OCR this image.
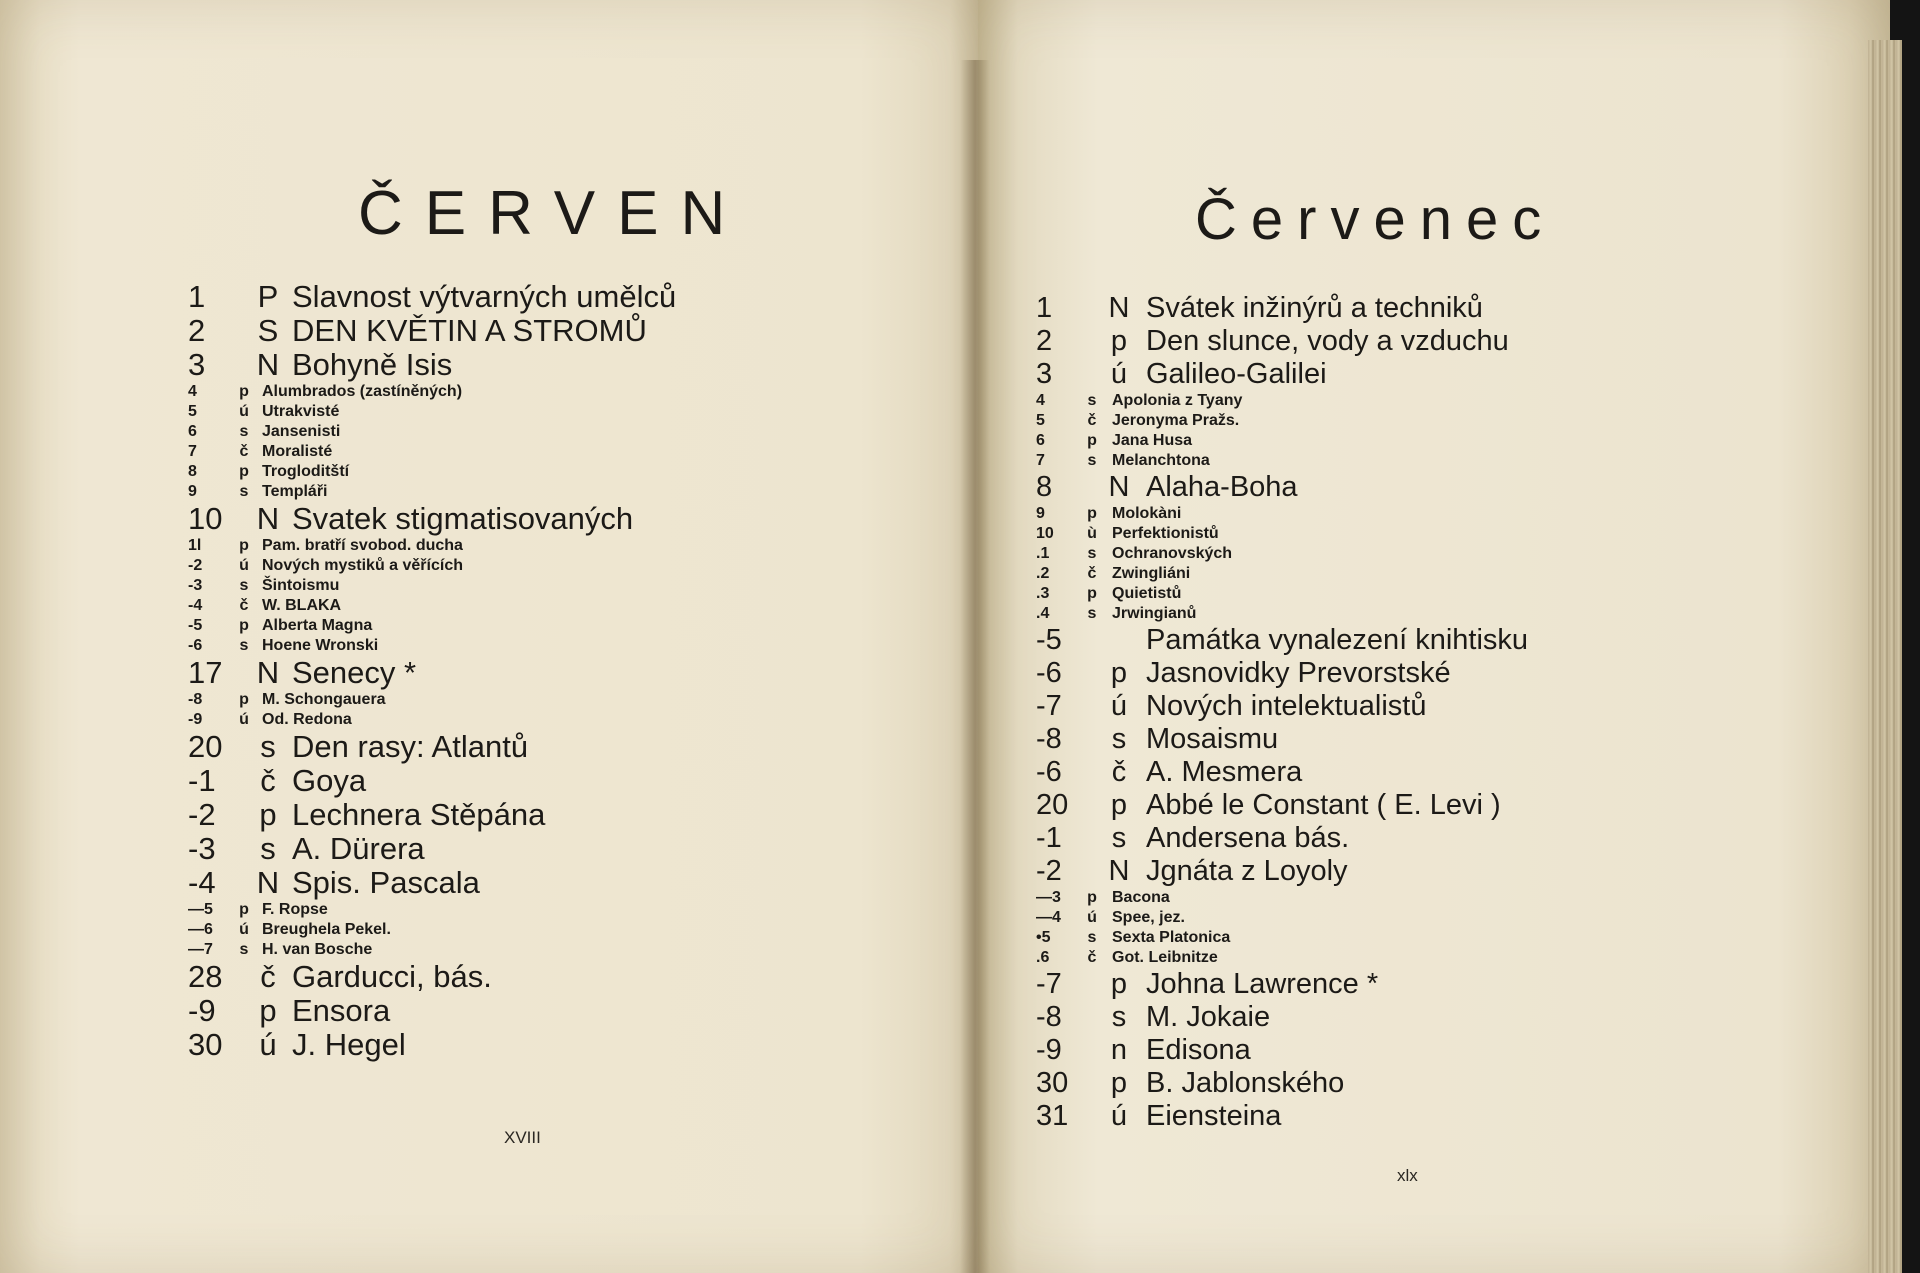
ČERVEN
1	P Slavnost výtvarných umělců
2	S DEN KVĚTIN A STROMŮ
3	N Bohyně Isis
4	p Alumbrados (zastíněných)
5	ú Utrakvisté
6	s Jansenisti
7	č Moralisté
8	p Trogloditští
9	s Templáři
10	N Svatek stigmatisovaných
1l	p Pam. bratří svobod. ducha
-2	ú Nových mystiků a věřících
-3	s Šintoismu
-4	č W. BLAKA
-5	p Alberta Magna
-6	s Hoene Wronski
17	N Senecy *
-8	p M. Schongauera
-9	ú Od. Redona
20	s Den rasy: Atlantů
-1	č Goya
-2	p Lechnera Stěpána
-3	s A. Dürera
-4	N Spis. Pascala
—5	p F. Ropse
—6	ú Breughela Pekel.
—7	s H. van Bosche
28	č Garducci, bás.
-9	p Ensora
30	ú J. Hegel

XVIII

Červenec
1	N Svátek inžinýrů a techniků
2	p Den slunce, vody a vzduchu
3	ú Galileo-Galilei
4	s Apolonia z Tyany
5	č Jeronyma Pražs.
6	p Jana Husa
7	s Melanchtona
8	N Alaha-Boha
9	p Molokàni
10	ù Perfektionistů
.1	s Ochranovských
.2	č Zwingliáni
.3	p Quietistů
.4	s Jrwingianů
-5	Památka vynalezení knihtisku
-6	p Jasnovidky Prevorstské
-7	ú Nových intelektualistů
-8	s Mosaismu
-6	č A. Mesmera
20	p Abbé le Constant ( E. Levi )
-1	s Andersena bás.
-2	N Jgnáta z Loyoly
—3	p Bacona
—4	ú Spee, jez.
•5	s Sexta Platonica
.6	č Got. Leibnitze
-7	p Johna Lawrence *
-8	s M. Jokaie
-9	n Edisona
30	p B. Jablonského
31	ú Eiensteina

xlx
